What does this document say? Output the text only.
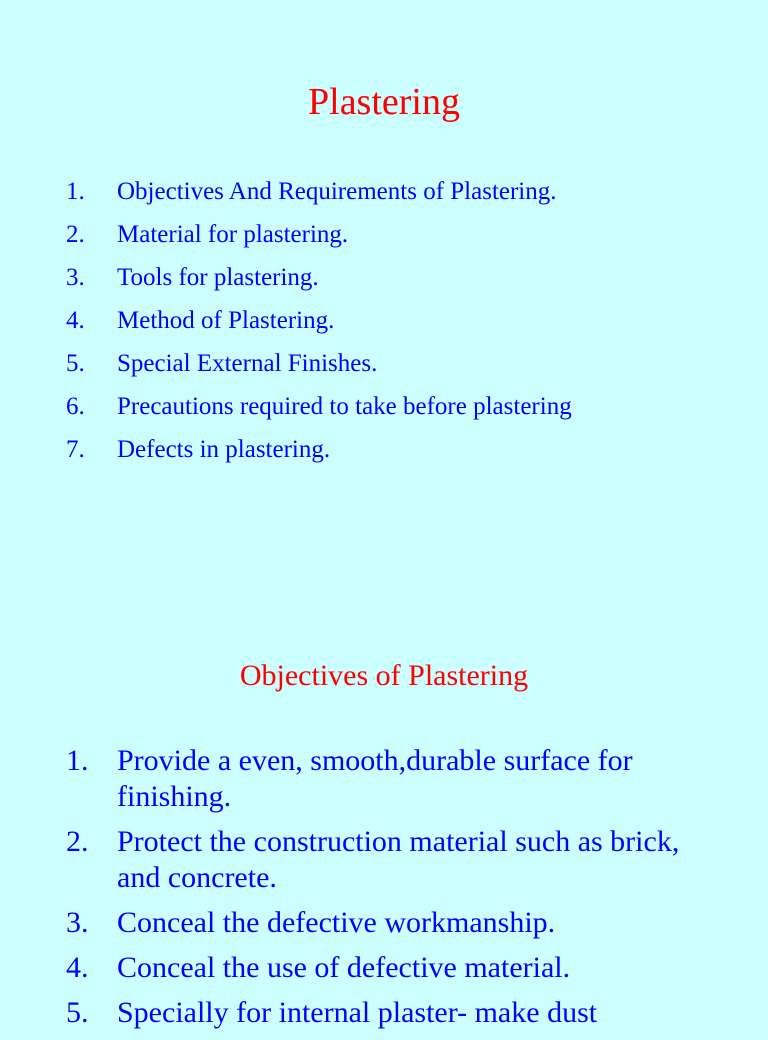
Plastering
1. Objectives And Requirements of Plastering.
2. Material for plastering.
3. Tools for plastering.
4. Method of Plastering.
5. Special External Finishes.
6. Precautions required to take before plastering
7. Defects in plastering.
Objectives of Plastering
1. Provide a even, smooth,durable surface for finishing.
2. Protect the construction material such as brick, and concrete.
3. Conceal the defective workmanship.
4. Conceal the use of defective material.
5. Specially for internal plaster- make dust
